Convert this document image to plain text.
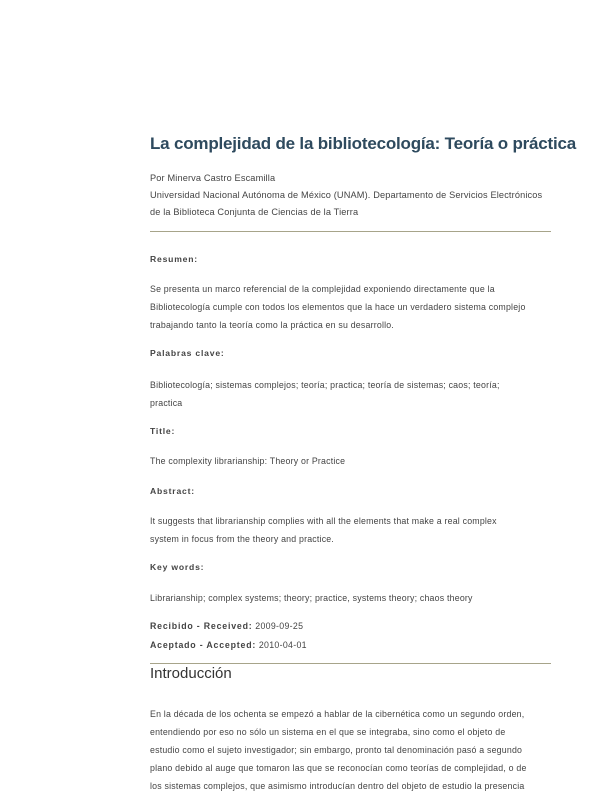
La complejidad de la bibliotecología: Teoría o práctica
Por Minerva Castro Escamilla
Universidad Nacional Autónoma de México (UNAM). Departamento de Servicios Electrónicos
de la Biblioteca Conjunta de Ciencias de la Tierra
Resumen:
Se presenta un marco referencial de la complejidad exponiendo directamente que la
Bibliotecología cumple con todos los elementos que la hace un verdadero sistema complejo
trabajando tanto la teoría como la práctica en su desarrollo.
Palabras clave:
Bibliotecología; sistemas complejos; teoría; practica; teoría de sistemas; caos; teoría;
practica
Title:
The complexity librarianship: Theory or Practice
Abstract:
It suggests that librarianship complies with all the elements that make a real complex
system in focus from the theory and practice.
Key words:
Librarianship; complex systems; theory; practice, systems theory; chaos theory
Recibido - Received: 2009-09-25
Aceptado - Accepted: 2010-04-01
Introducción
En la década de los ochenta se empezó a hablar de la cibernética como un segundo orden,
entendiendo por eso no sólo un sistema en el que se integraba, sino como el objeto de
estudio como el sujeto investigador; sin embargo, pronto tal denominación pasó a segundo
plano debido al auge que tomaron las que se reconocían como teorías de complejidad, o de
los sistemas complejos, que asimismo introducían dentro del objeto de estudio la presencia
